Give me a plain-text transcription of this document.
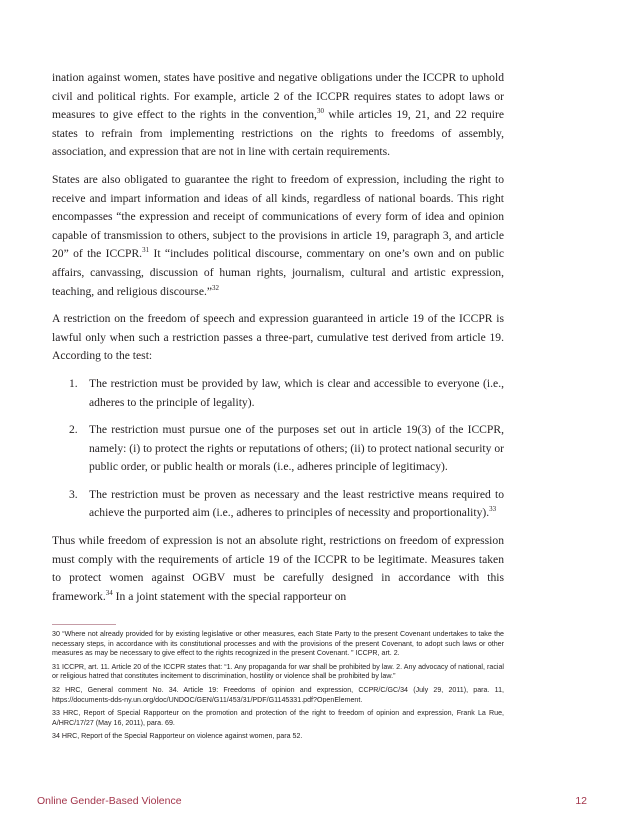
ination against women, states have positive and negative obligations under the ICCPR to uphold civil and political rights. For example, article 2 of the ICCPR requires states to adopt laws or measures to give effect to the rights in the convention,$^{30}$ while articles 19, 21, and 22 require states to refrain from implementing restrictions on the rights to freedoms of assembly, association, and expression that are not in line with certain requirements.

States are also obligated to guarantee the right to freedom of expression, including the right to receive and impart information and ideas of all kinds, regardless of national boards. This right encompasses “the expression and receipt of communications of every form of idea and opinion capable of transmission to others, subject to the provisions in article 19, paragraph 3, and article 20” of the ICCPR.$^{31}$ It “includes political discourse, commentary on one’s own and on public affairs, canvassing, discussion of human rights, journalism, cultural and artistic expression, teaching, and religious discourse.”$^{32}$

A restriction on the freedom of speech and expression guaranteed in article 19 of the ICCPR is lawful only when such a restriction passes a three-part, cumulative test derived from article 19. According to the test:

1. The restriction must be provided by law, which is clear and accessible to everyone (i.e., adheres to the principle of legality).
2. The restriction must pursue one of the purposes set out in article 19(3) of the ICCPR, namely: (i) to protect the rights or reputations of others; (ii) to protect national security or public order, or public health or morals (i.e., adheres principle of legitimacy).
3. The restriction must be proven as necessary and the least restrictive means required to achieve the purported aim (i.e., adheres to principles of necessity and proportionality).$^{33}$

Thus while freedom of expression is not an absolute right, restrictions on freedom of expression must comply with the requirements of article 19 of the ICCPR to be legitimate. Measures taken to protect women against OGBV must be carefully designed in accordance with this framework.$^{34}$ In a joint statement with the special rapporteur on

30 “Where not already provided for by existing legislative or other measures, each State Party to the present Covenant undertakes to take the necessary steps, in accordance with its constitutional processes and with the provisions of the present Covenant, to adopt such laws or other measures as may be necessary to give effect to the rights recognized in the present Covenant. ” ICCPR, art. 2.

31 ICCPR, art. 11. Article 20 of the ICCPR states that: “1. Any propaganda for war shall be prohibited by law. 2. Any advocacy of national, racial or religious hatred that constitutes incitement to discrimination, hostility or violence shall be prohibited by law.”

32 HRC, General comment No. 34. Article 19: Freedoms of opinion and expression, CCPR/C/GC/34 (July 29, 2011), para. 11, https://documents-dds-ny.un.org/doc/UNDOC/GEN/G11/453/31/PDF/G1145331.pdf?OpenElement.

33 HRC, Report of Special Rapporteur on the promotion and protection of the right to freedom of opinion and expression, Frank La Rue, A/HRC/17/27 (May 16, 2011), para. 69.

34 HRC, Report of the Special Rapporteur on violence against women, para 52.

Online Gender-Based Violence	12
